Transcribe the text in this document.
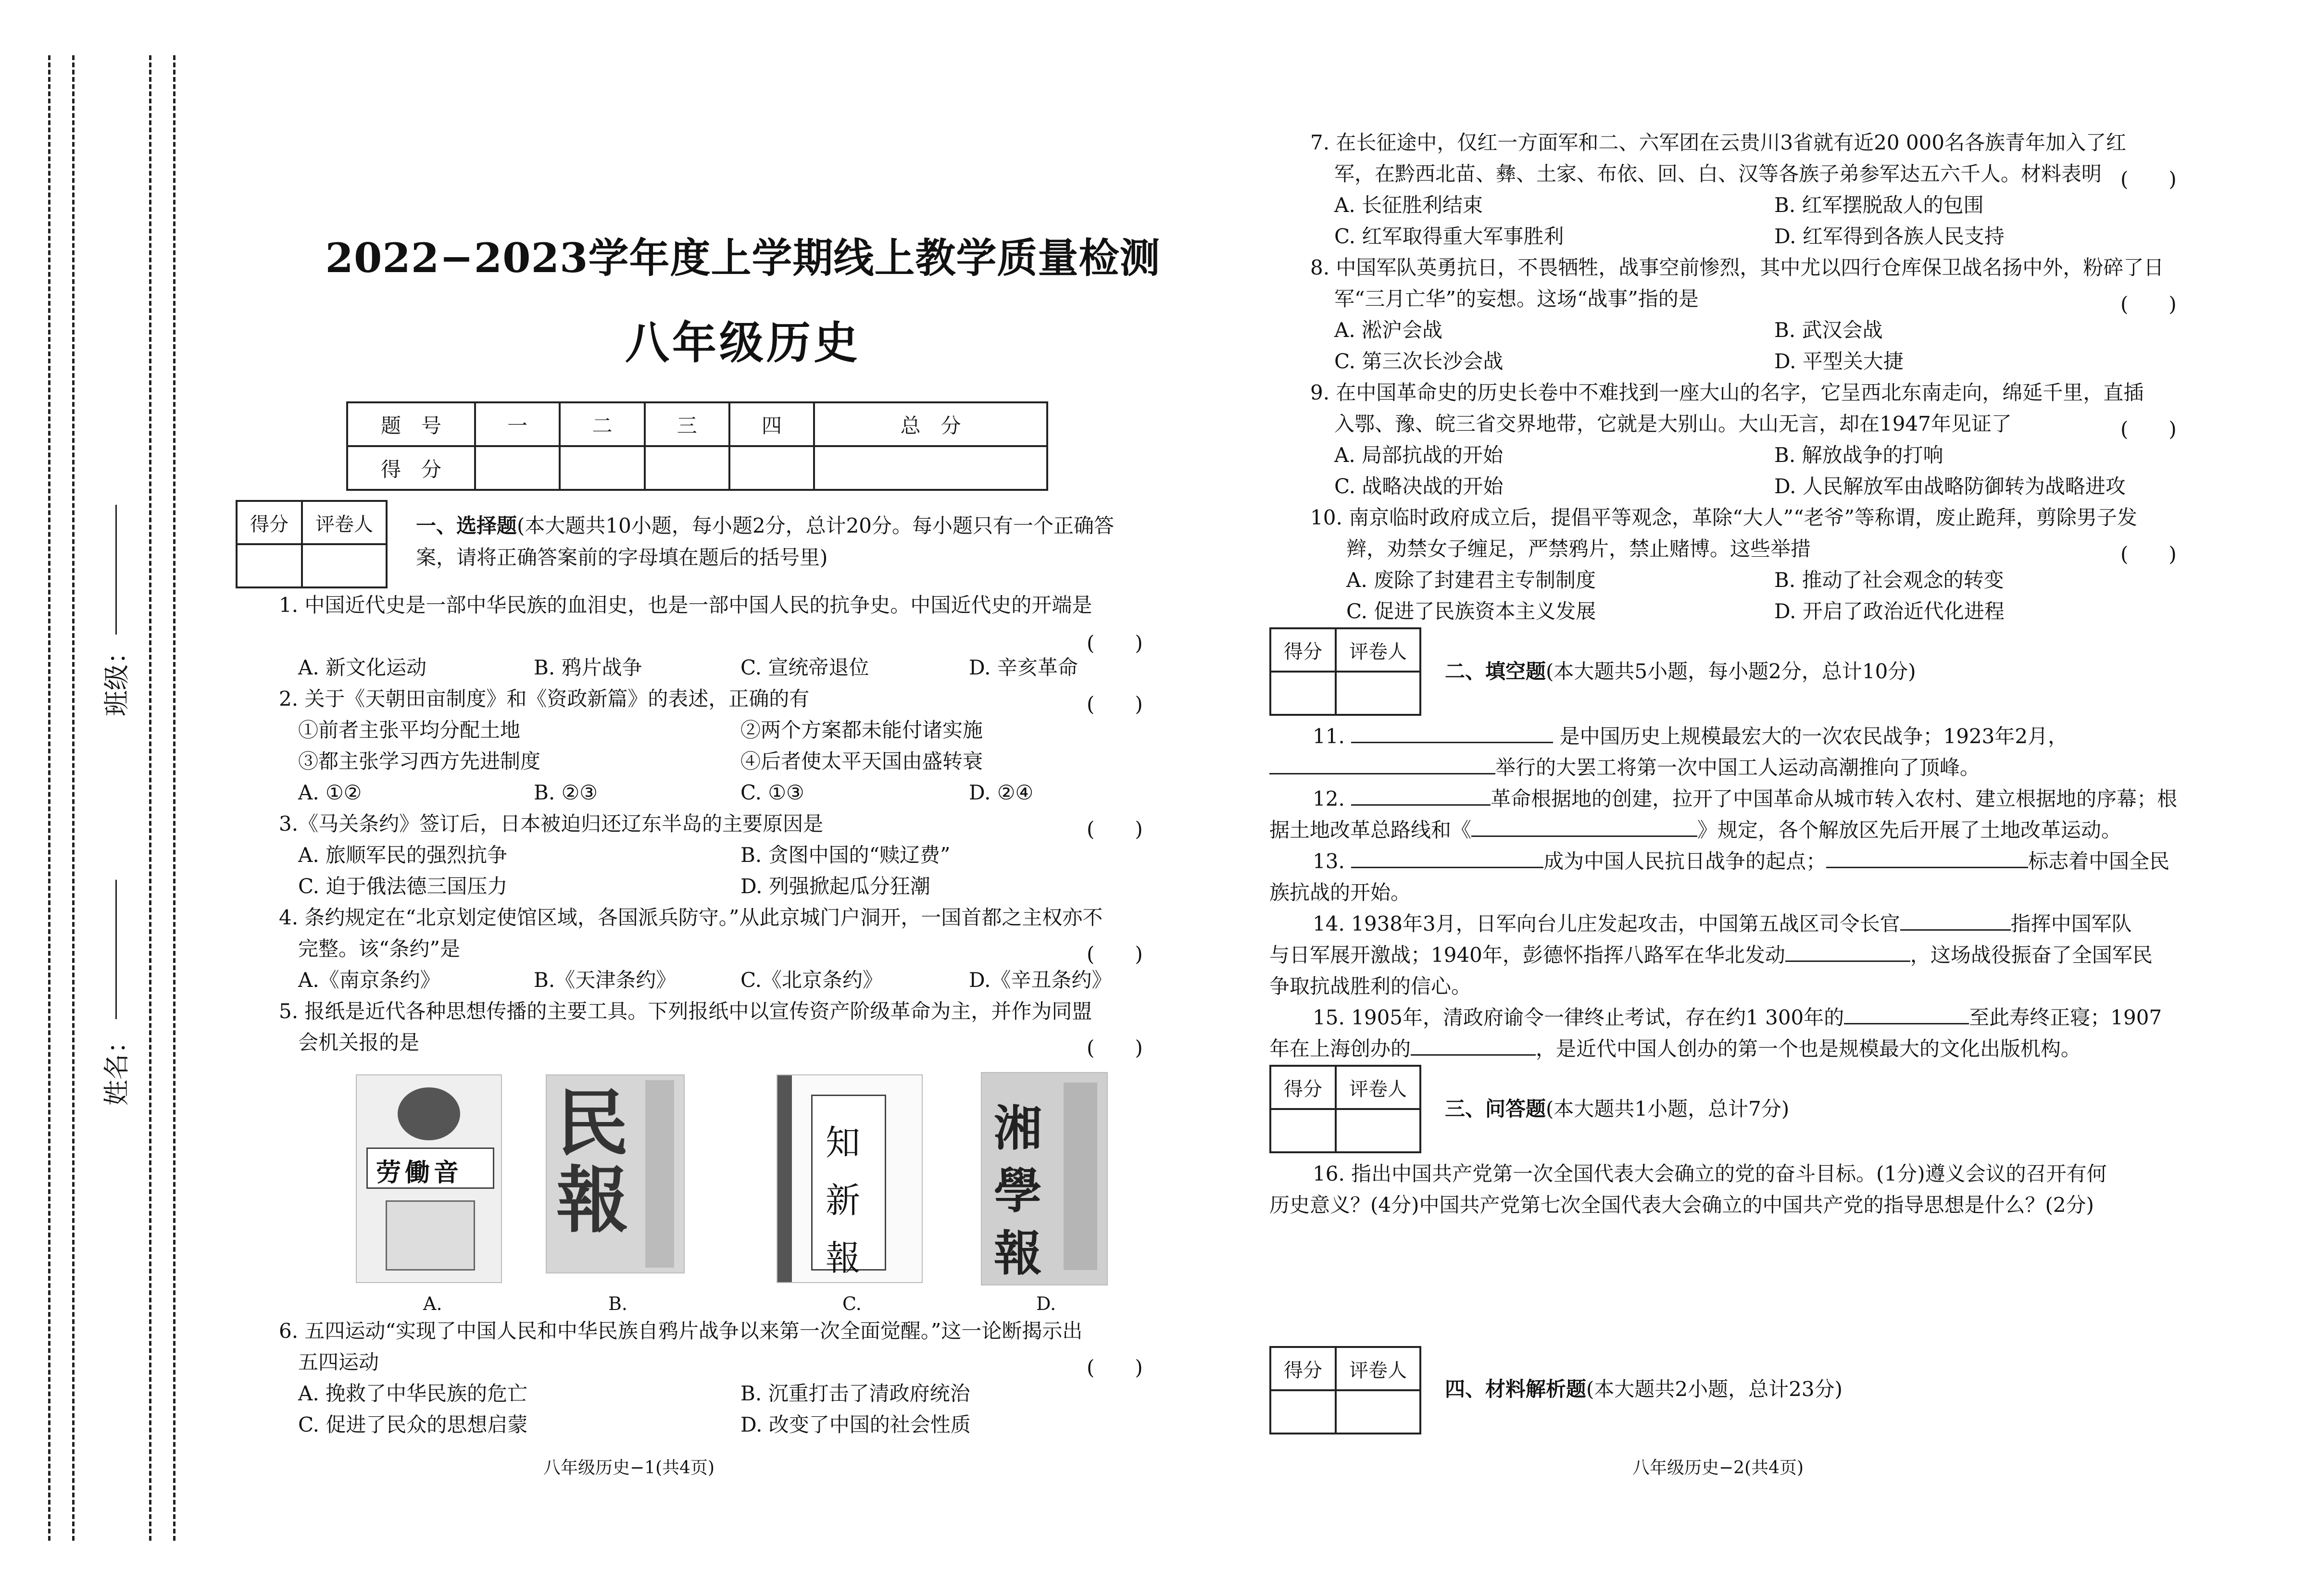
班级：
姓名：
2022−2023学年度上学期线上教学质量检测
八年级历史
题　号	一	二	三	四	总　分
得　分					
得分	评卷人
	一、选择题(本大题共10小题，每小题2分，总计20分。每小题只有一个正确答
案，请将正确答案前的字母填在题后的括号里)
1. 中国近代史是一部中华民族的血泪史，也是一部中国人民的抗争史。中国近代史的开端是
(　　)
A. 新文化运动	B. 鸦片战争	C. 宣统帝退位	D. 辛亥革命
2. 关于《天朝田亩制度》和《资政新篇》的表述，正确的有	(　　)
①前者主张平均分配土地	②两个方案都未能付诸实施
③都主张学习西方先进制度	④后者使太平天国由盛转衰
A. ①②	B. ②③	C. ①③	D. ②④
3.《马关条约》签订后，日本被迫归还辽东半岛的主要原因是	(　　)
A. 旅顺军民的强烈抗争	B. 贪图中国的“赎辽费”
C. 迫于俄法德三国压力	D. 列强掀起瓜分狂潮
4. 条约规定在“北京划定使馆区域，各国派兵防守。”从此京城门户洞开，一国首都之主权亦不
完整。该“条约”是	(　　)
A.《南京条约》	B.《天津条约》	C.《北京条约》	D.《辛丑条约》
5. 报纸是近代各种思想传播的主要工具。下列报纸中以宣传资产阶级革命为主，并作为同盟
会机关报的是	(　　)
劳働音
民報
知新報
湘學報
A.	B.	C.	D.
6. 五四运动“实现了中国人民和中华民族自鸦片战争以来第一次全面觉醒。”这一论断揭示出
五四运动	(　　)
A. 挽救了中华民族的危亡	B. 沉重打击了清政府统治
C. 促进了民众的思想启蒙	D. 改变了中国的社会性质
八年级历史−1(共4页)
7. 在长征途中，仅红一方面军和二、六军团在云贵川3省就有近20 000名各族青年加入了红
军，在黔西北苗、彝、土家、布依、回、白、汉等各族子弟参军达五六千人。材料表明 (　　)
A. 长征胜利结束	B. 红军摆脱敌人的包围
C. 红军取得重大军事胜利	D. 红军得到各族人民支持
8. 中国军队英勇抗日，不畏牺牲，战事空前惨烈，其中尤以四行仓库保卫战名扬中外，粉碎了日
军“三月亡华”的妄想。这场“战事”指的是	(　　)
A. 淞沪会战	B. 武汉会战
C. 第三次长沙会战	D. 平型关大捷
9. 在中国革命史的历史长卷中不难找到一座大山的名字，它呈西北东南走向，绵延千里，直插
入鄂、豫、皖三省交界地带，它就是大别山。大山无言，却在1947年见证了	(　　)
A. 局部抗战的开始	B. 解放战争的打响
C. 战略决战的开始	D. 人民解放军由战略防御转为战略进攻
10. 南京临时政府成立后，提倡平等观念，革除“大人”“老爷”等称谓，废止跪拜，剪除男子发
辫，劝禁女子缠足，严禁鸦片，禁止赌博。这些举措	(　　)
A. 废除了封建君主专制制度	B. 推动了社会观念的转变
C. 促进了民族资本主义发展	D. 开启了政治近代化进程
得分	评卷人

二、填空题(本大题共5小题，每小题2分，总计10分)
11.	是中国历史上规模最宏大的一次农民战争；1923年2月，
举行的大罢工将第一次中国工人运动高潮推向了顶峰。
12.	革命根据地的创建，拉开了中国革命从城市转入农村、建立根据地的序幕；根
据土地改革总路线和《	》规定，各个解放区先后开展了土地改革运动。
13.	成为中国人民抗日战争的起点；	标志着中国全民
族抗战的开始。
14. 1938年3月，日军向台儿庄发起攻击，中国第五战区司令长官	指挥中国军队
与日军展开激战；1940年，彭德怀指挥八路军在华北发动	，这场战役振奋了全国军民
争取抗战胜利的信心。
15. 1905年，清政府谕令一律终止考试，存在约1 300年的	至此寿终正寝；1907
年在上海创办的	，是近代中国人创办的第一个也是规模最大的文化出版机构。
得分	评卷人

三、问答题(本大题共1小题，总计7分)
16. 指出中国共产党第一次全国代表大会确立的党的奋斗目标。(1分)遵义会议的召开有何
历史意义？(4分)中国共产党第七次全国代表大会确立的中国共产党的指导思想是什么？(2分)
得分	评卷人

四、材料解析题(本大题共2小题，总计23分)
八年级历史−2(共4页)
